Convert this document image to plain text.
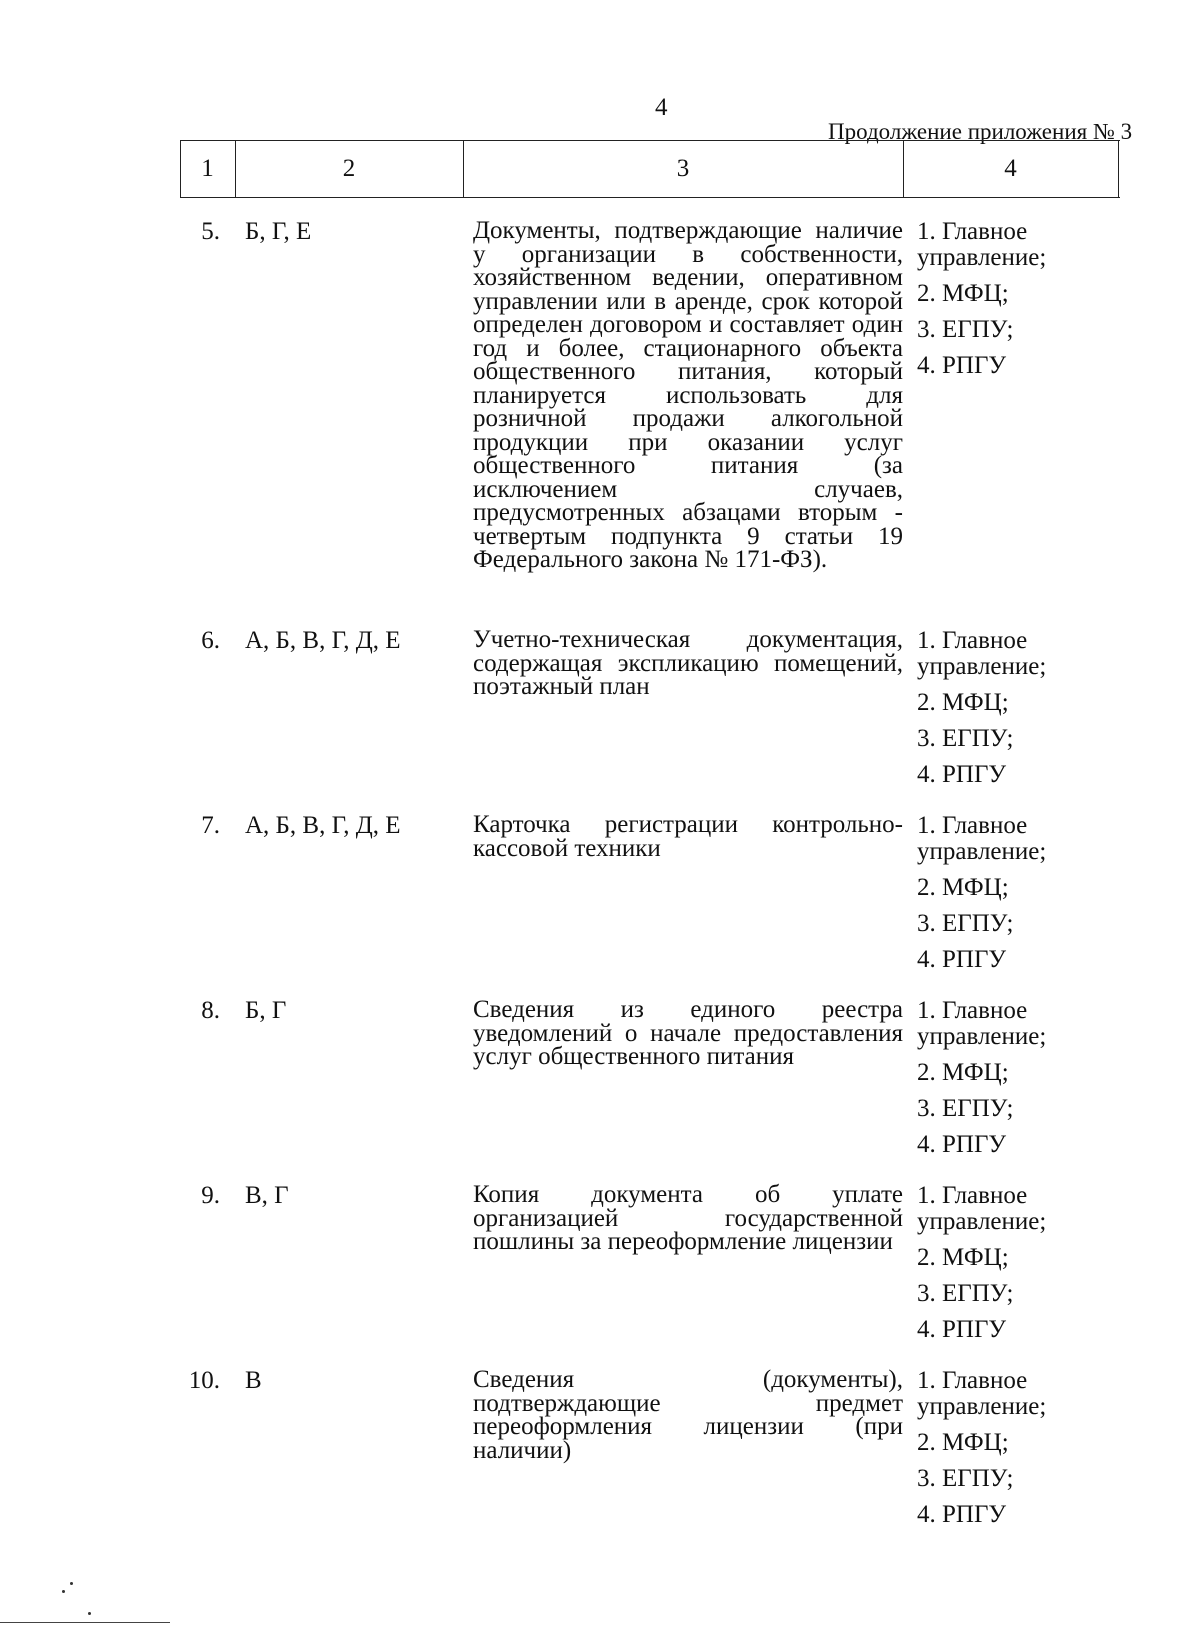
4
Продолжение приложения № 3
1	2	3	4
5. Б, Г, Е	Документы, подтверждающие наличие у организации в собственности, хозяйственном ведении, оперативном управлении или в аренде, срок которой определен договором и составляет один год и более, стационарного объекта общественного питания, который планируется использовать для розничной продажи алкогольной продукции при оказании услуг общественного питания (за исключением случаев, предусмотренных абзацами вторым - четвертым подпункта 9 статьи 19 Федерального закона № 171-ФЗ).
1. Главное управление;
2. МФЦ;
3. ЕГПУ;
4. РПГУ
6. А, Б, В, Г, Д, Е	Учетно-техническая документация, содержащая экспликацию помещений, поэтажный план
1. Главное управление;
2. МФЦ;
3. ЕГПУ;
4. РПГУ
7. А, Б, В, Г, Д, Е	Карточка регистрации контрольно-кассовой техники
1. Главное управление;
2. МФЦ;
3. ЕГПУ;
4. РПГУ
8. Б, Г	Сведения из единого реестра уведомлений о начале предоставления услуг общественного питания
1. Главное управление;
2. МФЦ;
3. ЕГПУ;
4. РПГУ
9. В, Г	Копия документа об уплате организацией государственной пошлины за переоформление лицензии
1. Главное управление;
2. МФЦ;
3. ЕГПУ;
4. РПГУ
10. В	Сведения (документы), подтверждающие предмет переоформления лицензии (при наличии)
1. Главное управление;
2. МФЦ;
3. ЕГПУ;
4. РПГУ
